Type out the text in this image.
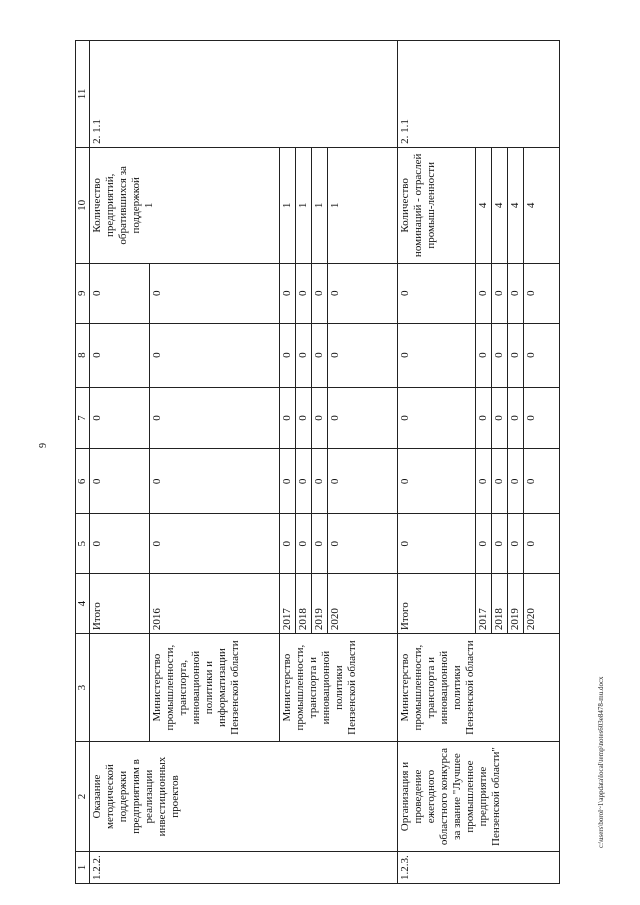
9
1	2	3	4	5	6	7	8	9	10	11
1.2.2.	Оказание методической поддержки предприятиям в реализации инвестиционных проектов		Итого	0	0	0	0	0	Количество предприятий, обратившихся за поддержкой 1	2. 1.1
		Министерство промышленности, транспорта, инновационной политики и информатизации Пензенской области	2016	0	0	0	0	0		
		Министерство промышленности, транспорта и инновационной политики Пензенской области	2017	0	0	0	0	0	1	
			2018	0	0	0	0	0	1	
			2019	0	0	0	0	0	1	
			2020	0	0	0	0	0	1	
1.2.3.	Организация и проведение ежегодного областного конкурса за звание "Лучшее промышленное предприятие Пензенской области"	Министерство промышленности, транспорта и инновационной политики Пензенской области	Итого	0	0	0	0	0	Количество номинаций - отраслей промыш-ленности	2. 1.1
			2017	0	0	0	0	0	4	
			2018	0	0	0	0	0	4	
			2019	0	0	0	0	0	4	
			2020	0	0	0	0	0	4	
c:\users\borol~1\appdata\local\temp\notes603e8478-mu.docx
